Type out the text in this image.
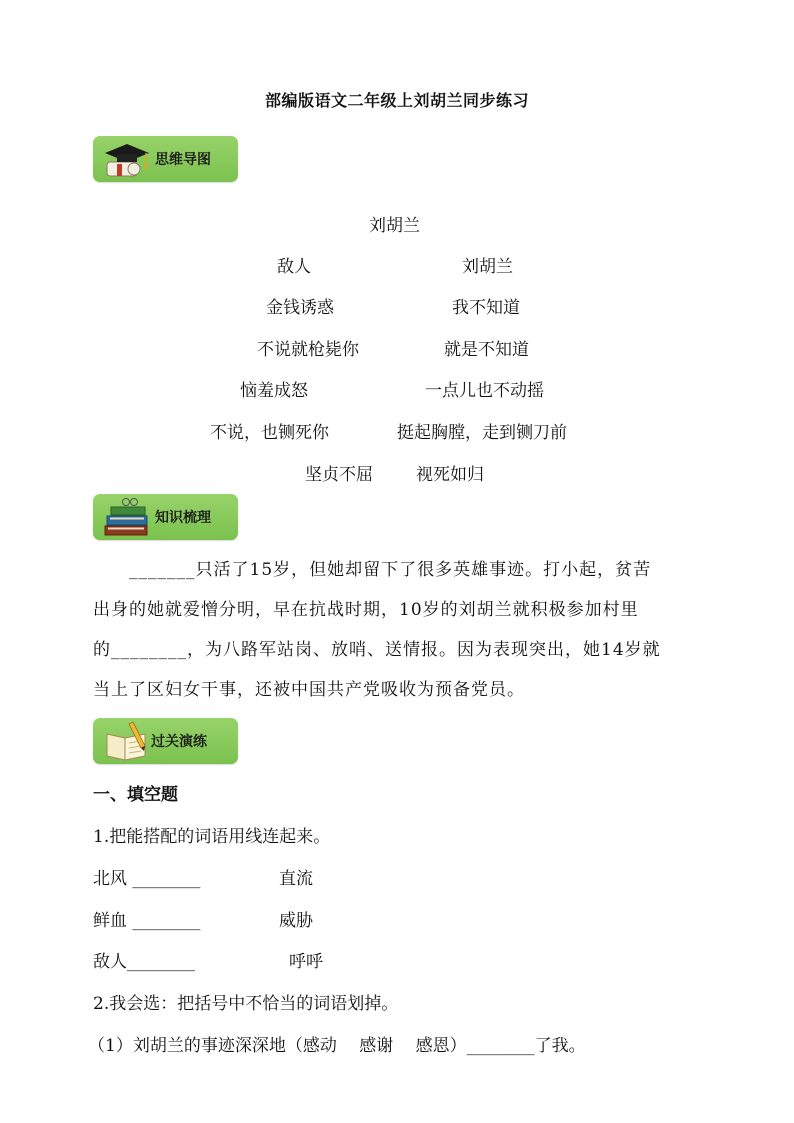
部编版语文二年级上刘胡兰同步练习
思维导图
刘胡兰
敌人	刘胡兰
金钱诱惑	我不知道
不说就枪毙你	就是不知道
恼羞成怒	一点儿也不动摇
不说，也铡死你	挺起胸膛，走到铡刀前
坚贞不屈	视死如归
知识梳理
_______只活了15岁，但她却留下了很多英雄事迹。打小起，贫苦
出身的她就爱憎分明，早在抗战时期，10岁的刘胡兰就积极参加村里
的________，为八路军站岗、放哨、送情报。因为表现突出，她14岁就
当上了区妇女干事，还被中国共产党吸收为预备党员。
过关演练
一、填空题
1.把能搭配的词语用线连起来。
北风 ________	直流
鲜血 ________	威胁
敌人________	呼呼
2.我会选：把括号中不恰当的词语划掉。
（1）刘胡兰的事迹深深地（感动　 感谢　 感恩）________了我。
